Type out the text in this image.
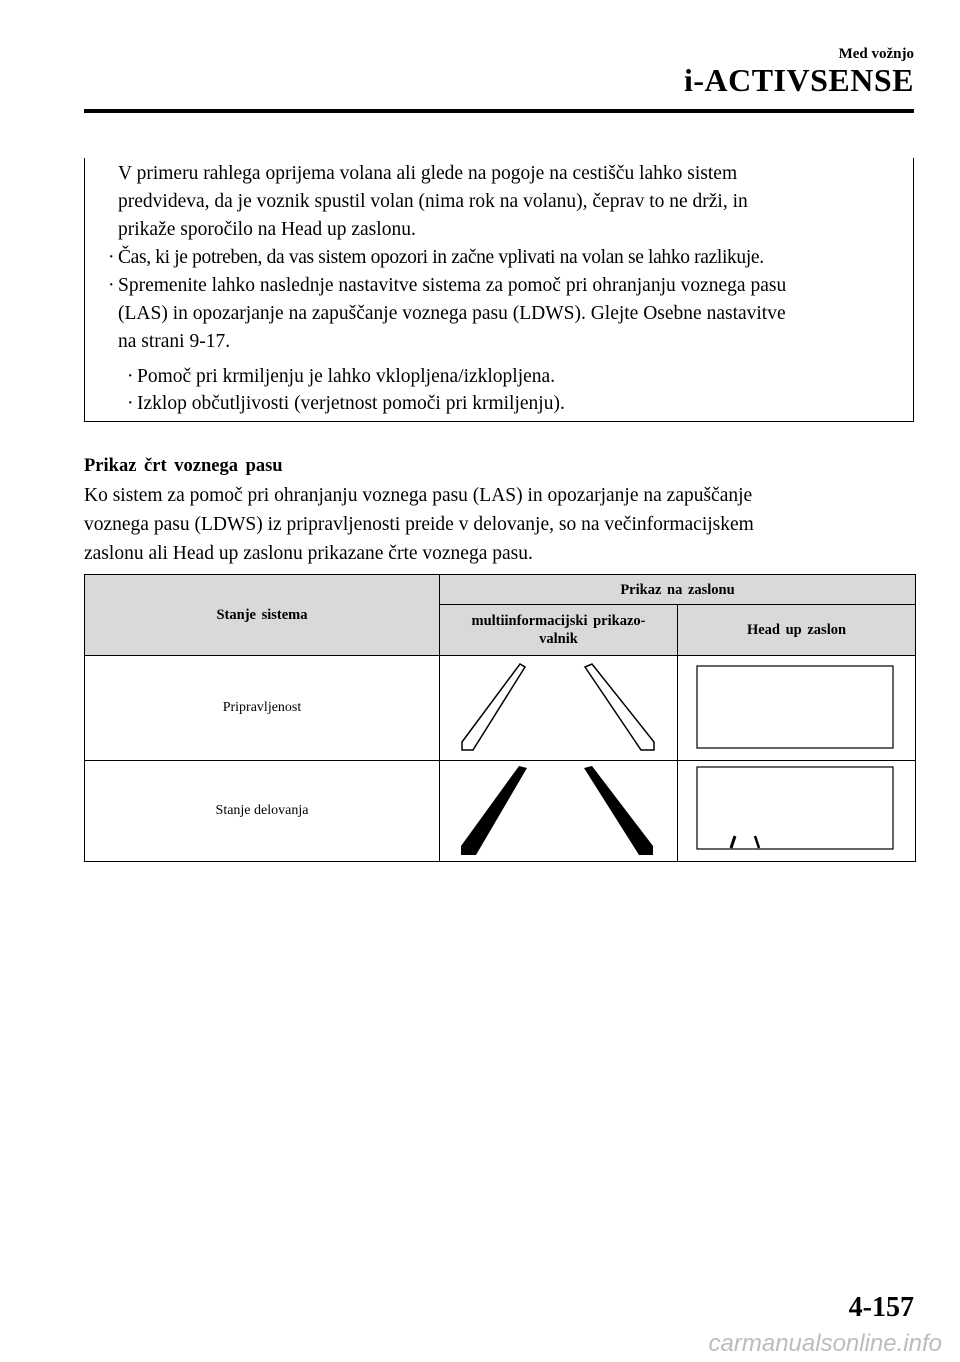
Med vožnjo
i-ACTIVSENSE

V primeru rahlega oprijema volana ali glede na pogoje na cestišču lahko sistem

predvideva, da je voznik spustil volan (nima rok na volanu), čeprav to ne drži, in

prikaže sporočilo na Head up zaslonu.

· Čas, ki je potreben, da vas sistem opozori in začne vplivati na volan se lahko razlikuje.
· Spremenite lahko naslednje nastavitve sistema za pomoč pri ohranjanju voznega pasu

(LAS) in opozarjanje na zapuščanje voznega pasu (LDWS). Glejte Osebne nastavitve

na strani 9-17.

· Pomoč pri krmiljenju je lahko vklopljena/izklopljena.
· Izklop občutljivosti (verjetnost pomoči pri krmiljenju).
Prikaz črt voznega pasu
Ko sistem za pomoč pri ohranjanju voznega pasu (LAS) in opozarjanje na zapuščanje
voznega pasu (LDWS) iz pripravljenosti preide v delovanje, so na večinformacijskem
zaslonu ali Head up zaslonu prikazane črte voznega pasu.
Stanje sistema	Prikaz na zaslonu	
	multiinformacijski prikazo-
valnik	Head up zaslon
Pripravljenost	

Stanje delovanja	

4-157
carmanualsonline.info
